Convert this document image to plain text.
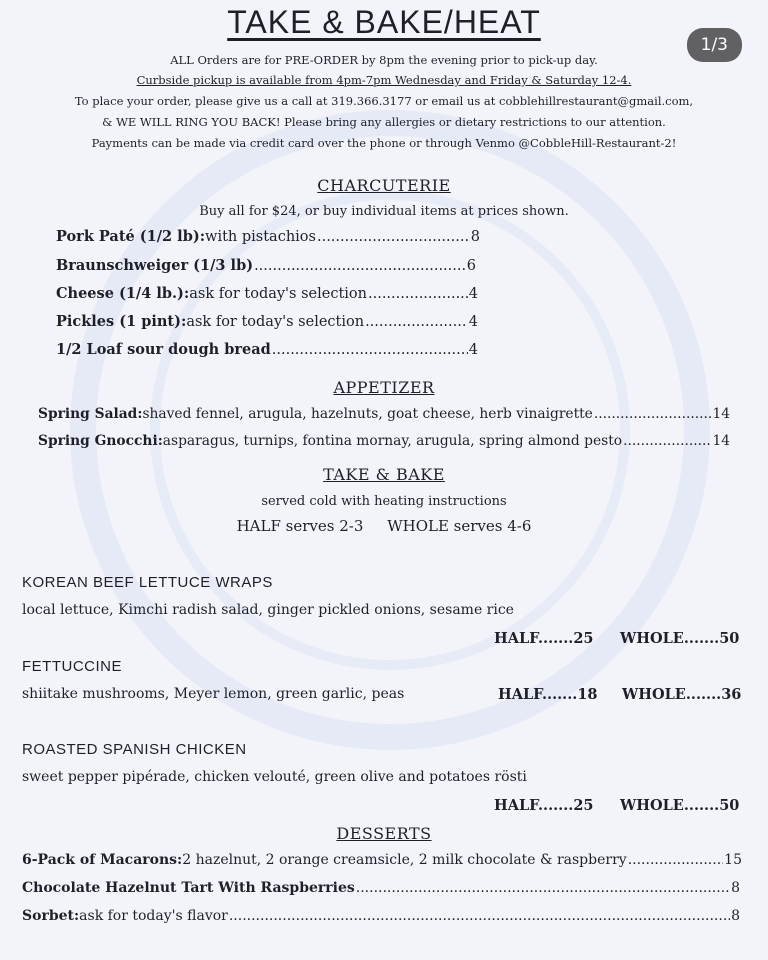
1/3
TAKE & BAKE/HEAT
ALL Orders are for PRE-ORDER by 8pm the evening prior to pick-up day.
Curbside pickup is available from 4pm-7pm Wednesday and Friday & Saturday 12-4.
To place your order, please give us a call at 319.366.3177 or email us at cobblehillrestaurant@gmail.com,
& WE WILL RING YOU BACK! Please bring any allergies or dietary restrictions to our attention.
Payments can be made via credit card over the phone or through Venmo @CobbleHill-Restaurant-2!
CHARCUTERIE
Buy all for $24, or buy individual items at prices shown.
Pork Paté (1/2 lb): with pistachios .....	8
Braunschweiger (1/3 lb) .....	6
Cheese (1/4 lb.): ask for today's selection .....	4
Pickles (1 pint): ask for today's selection .....	4
1/2 Loaf sour dough bread .....	4
APPETIZER
Spring Salad: shaved fennel, arugula, hazelnuts, goat cheese, herb vinaigrette .....	14
Spring Gnocchi: asparagus, turnips, fontina mornay, arugula, spring almond pesto .....	14
TAKE & BAKE
served cold with heating instructions
HALF serves 2-3     WHOLE serves 4-6
KOREAN BEEF LETTUCE WRAPS
local lettuce, Kimchi radish salad, ginger pickled onions, sesame rice
HALF.......25 WHOLE.......50
FETTUCCINE
shiitake mushrooms, Meyer lemon, green garlic, peas	HALF.......18 WHOLE.......36
ROASTED SPANISH CHICKEN
sweet pepper pipérade, chicken velouté, green olive and potatoes rösti
HALF.......25 WHOLE.......50
DESSERTS
6-Pack of Macarons: 2 hazelnut, 2 orange creamsicle, 2 milk chocolate & raspberry .....	15
Chocolate Hazelnut Tart With Raspberries .....	8
Sorbet: ask for today's flavor .....	8
